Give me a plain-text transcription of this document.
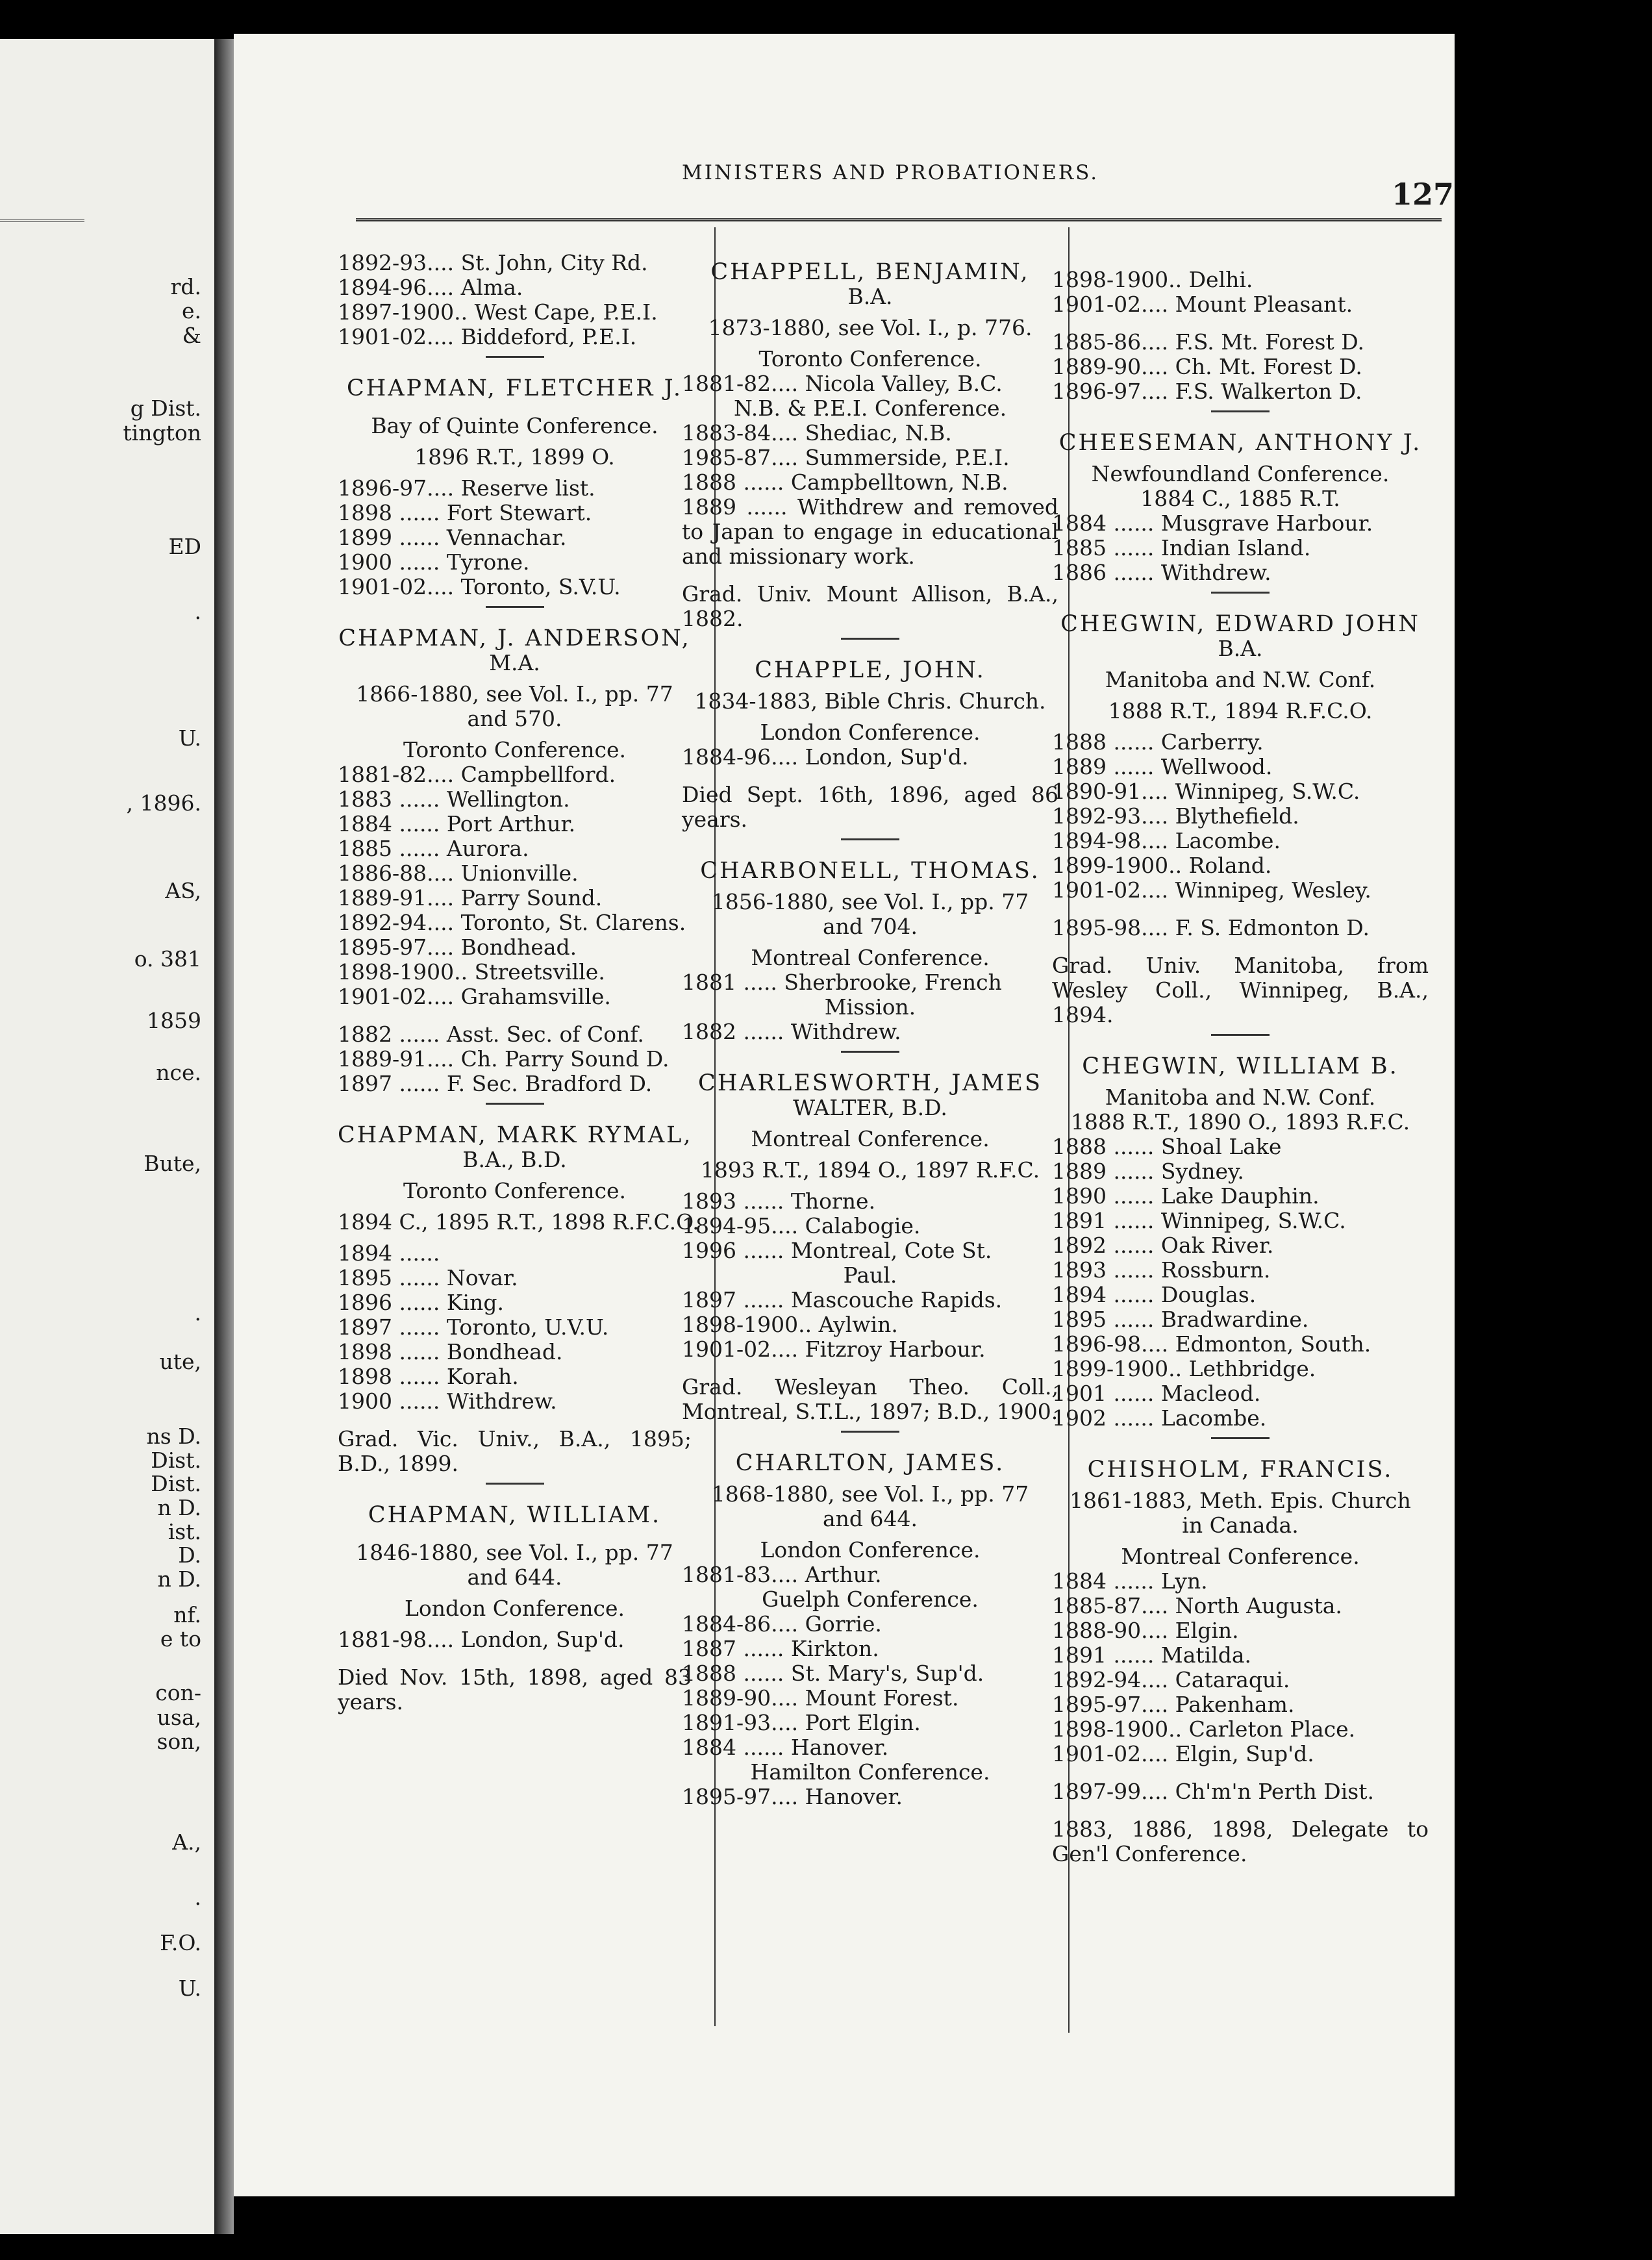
rd.
e.
&
g Dist.
tington
ED
.
U.
, 1896.
AS,
o. 381
1859
nce.
Bute,
.
ute,
ns D.
Dist.
Dist.
n D.
ist.
D.
n D.
nf.
e to
con-
usa,
son,
A.,
.
F.O.
U.
MINISTERS AND PROBATIONERS.
127
1892-93.... St. John, City Rd.
1894-96.... Alma.
1897-1900.. West Cape, P.E.I.
1901-02.... Biddeford, P.E.I.
CHAPMAN, FLETCHER J.
Bay of Quinte Conference.
1896 R.T., 1899 O.
1896-97.... Reserve list.
1898 ...... Fort Stewart.
1899 ...... Vennachar.
1900 ...... Tyrone.
1901-02.... Toronto, S.V.U.
CHAPMAN, J. ANDERSON,
M.A.
1866-1880, see Vol. I., pp. 77
and 570.
Toronto Conference.
1881-82.... Campbellford.
1883 ...... Wellington.
1884 ...... Port Arthur.
1885 ...... Aurora.
1886-88.... Unionville.
1889-91.... Parry Sound.
1892-94.... Toronto, St. Clarens.
1895-97.... Bondhead.
1898-1900.. Streetsville.
1901-02.... Grahamsville.
1882 ...... Asst. Sec. of Conf.
1889-91.... Ch. Parry Sound D.
1897 ...... F. Sec. Bradford D.
CHAPMAN, MARK RYMAL,
B.A., B.D.
Toronto Conference.
1894 C., 1895 R.T., 1898 R.F.C.O.
1894 ......
1895 ...... Novar.
1896 ...... King.
1897 ...... Toronto, U.V.U.
1898 ...... Bondhead.
1898 ...... Korah.
1900 ...... Withdrew.
Grad. Vic. Univ., B.A., 1895; B.D., 1899.
CHAPMAN, WILLIAM.
1846-1880, see Vol. I., pp. 77
and 644.
London Conference.
1881-98.... London, Sup'd.
Died Nov. 15th, 1898, aged 83 years.
CHAPPELL, BENJAMIN,
B.A.
1873-1880, see Vol. I., p. 776.
Toronto Conference.
1881-82.... Nicola Valley, B.C.
N.B. & P.E.I. Conference.
1883-84.... Shediac, N.B.
1985-87.... Summerside, P.E.I.
1888 ...... Campbelltown, N.B.
1889 ...... Withdrew and removed to Japan to engage in educational and missionary work.
Grad. Univ. Mount Allison, B.A., 1882.
CHAPPLE, JOHN.
1834-1883, Bible Chris. Church.
London Conference.
1884-96.... London, Sup'd.
Died Sept. 16th, 1896, aged 86 years.
CHARBONELL, THOMAS.
1856-1880, see Vol. I., pp. 77
and 704.
Montreal Conference.
1881 ..... Sherbrooke, French
Mission.
1882 ...... Withdrew.
CHARLESWORTH, JAMES
WALTER, B.D.
Montreal Conference.
1893 R.T., 1894 O., 1897 R.F.C.
1893 ...... Thorne.
1894-95.... Calabogie.
1996 ...... Montreal, Cote St.
Paul.
1897 ...... Mascouche Rapids.
1898-1900.. Aylwin.
1901-02.... Fitzroy Harbour.
Grad. Wesleyan Theo. Coll., Montreal, S.T.L., 1897; B.D., 1900.
CHARLTON, JAMES.
1868-1880, see Vol. I., pp. 77
and 644.
London Conference.
1881-83.... Arthur.
Guelph Conference.
1884-86.... Gorrie.
1887 ...... Kirkton.
1888 ...... St. Mary's, Sup'd.
1889-90.... Mount Forest.
1891-93.... Port Elgin.
1884 ...... Hanover.
Hamilton Conference.
1895-97.... Hanover.
1898-1900.. Delhi.
1901-02.... Mount Pleasant.
1885-86.... F.S. Mt. Forest D.
1889-90.... Ch. Mt. Forest D.
1896-97.... F.S. Walkerton D.
CHEESEMAN, ANTHONY J.
Newfoundland Conference.
1884 C., 1885 R.T.
1884 ...... Musgrave Harbour.
1885 ...... Indian Island.
1886 ...... Withdrew.
CHEGWIN, EDWARD JOHN
B.A.
Manitoba and N.W. Conf.
1888 R.T., 1894 R.F.C.O.
1888 ...... Carberry.
1889 ...... Wellwood.
1890-91.... Winnipeg, S.W.C.
1892-93.... Blythefield.
1894-98.... Lacombe.
1899-1900.. Roland.
1901-02.... Winnipeg, Wesley.
1895-98.... F. S. Edmonton D.
Grad. Univ. Manitoba, from Wesley Coll., Winnipeg, B.A., 1894.
CHEGWIN, WILLIAM B.
Manitoba and N.W. Conf.
1888 R.T., 1890 O., 1893 R.F.C.
1888 ...... Shoal Lake
1889 ...... Sydney.
1890 ...... Lake Dauphin.
1891 ...... Winnipeg, S.W.C.
1892 ...... Oak River.
1893 ...... Rossburn.
1894 ...... Douglas.
1895 ...... Bradwardine.
1896-98.... Edmonton, South.
1899-1900.. Lethbridge.
1901 ...... Macleod.
1902 ...... Lacombe.
CHISHOLM, FRANCIS.
1861-1883, Meth. Epis. Church
in Canada.
Montreal Conference.
1884 ...... Lyn.
1885-87.... North Augusta.
1888-90.... Elgin.
1891 ...... Matilda.
1892-94.... Cataraqui.
1895-97.... Pakenham.
1898-1900.. Carleton Place.
1901-02.... Elgin, Sup'd.
1897-99.... Ch'm'n Perth Dist.
1883, 1886, 1898, Delegate to Gen'l Conference.
